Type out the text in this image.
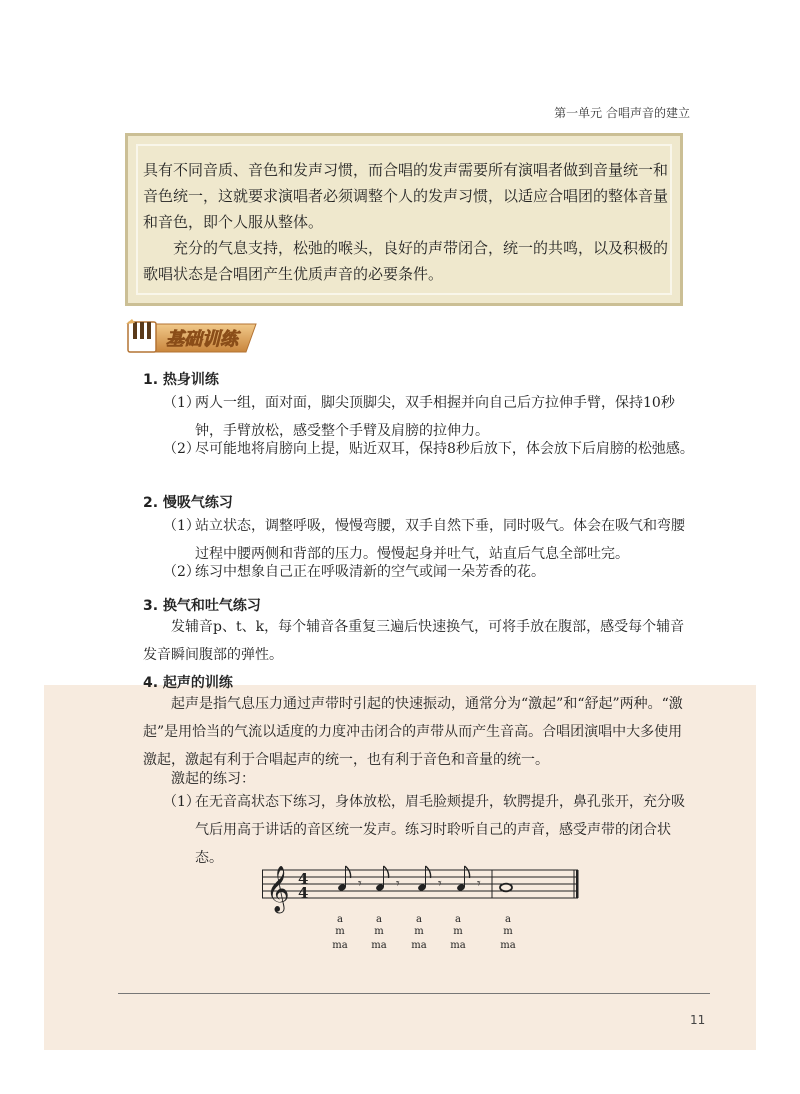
第一单元 合唱声音的建立

具有不同音质、音色和发声习惯，而合唱的发声需要所有演唱者做到音量统一和音色统一，这就要求演唱者必须调整个人的发声习惯，以适应合唱团的整体音量和音色，即个人服从整体。

充分的气息支持，松弛的喉头，良好的声带闭合，统一的共鸣，以及积极的歌唱状态是合唱团产生优质声音的必要条件。

基础训练
1. 热身训练
（1）
两人一组，面对面，脚尖顶脚尖，双手相握并向自己后方拉伸手臂，保持10秒钟，手臂放松，感受整个手臂及肩膀的拉伸力。
（2）
尽可能地将肩膀向上提，贴近双耳，保持8秒后放下，体会放下后肩膀的松弛感。
2. 慢吸气练习
（1）
站立状态，调整呼吸，慢慢弯腰，双手自然下垂，同时吸气。体会在吸气和弯腰过程中腰两侧和背部的压力。慢慢起身并吐气，站直后气息全部吐完。
（2）
练习中想象自己正在呼吸清新的空气或闻一朵芳香的花。
3. 换气和吐气练习
发辅音p、t、k，每个辅音各重复三遍后快速换气，可将手放在腹部，感受每个辅音发音瞬间腹部的弹性。
4. 起声的训练
起声是指气息压力通过声带时引起的快速振动，通常分为“激起”和“舒起”两种。“激起”是用恰当的气流以适度的力度冲击闭合的声带从而产生音高。合唱团演唱中大多使用激起，激起有利于合唱起声的统一，也有利于音色和音量的统一。
激起的练习：
（1）
在无音高状态下练习，身体放松，眉毛脸颊提升，软腭提升，鼻孔张开，充分吸气后用高于讲话的音区统一发声。练习时聆听自己的声音，感受声带的闭合状态。
𝄞 4
4	𝄾 𝄾	𝄾	𝄾
a
m
ma
a
m
ma
a
m
ma
a
m
ma
a
m
ma
11
